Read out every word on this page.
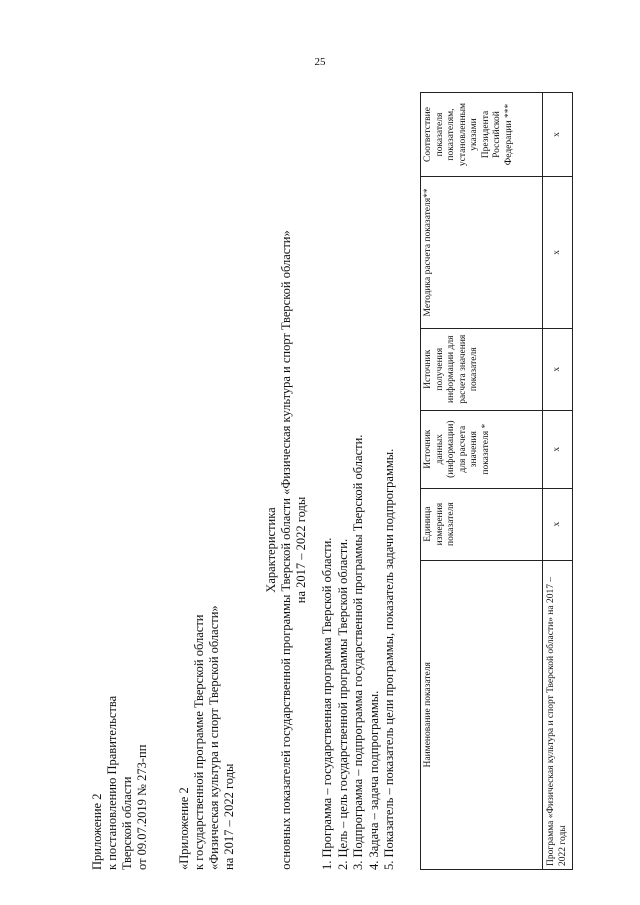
25
Приложение 2 к постановлению Правительства Тверской области от 09.07.2019 № 273-пп «Приложение 2 к государственной программе Тверской области «Физическая культура и спорт Тверской области» на 2017 – 2022 годы
Характеристика основных показателей государственной программы Тверской области «Физическая культура и спорт Тверской области» на 2017 – 2022 годы 1. Программа – государственная программа Тверской области. 2. Цель – цель государственной программы Тверской области. 3. Подпрограмма – подпрограмма государственной программы Тверской области. 4. Задача – задача подпрограммы. 5. Показатель – показатель цели программы, показатель задачи подпрограммы.	Наименование показателя	Единица измерения показателя	Источник данных (информации) для расчета значения показателя *	Источник получения информации для расчета значения показателя	Методика расчета показателя**	Соответствие показателя показателям, установленным указами Президента Российской Федерации ***
Программа «Физическая культура и спорт Тверской области» на 2017 – 2022 годы	x	x	x	x	x
